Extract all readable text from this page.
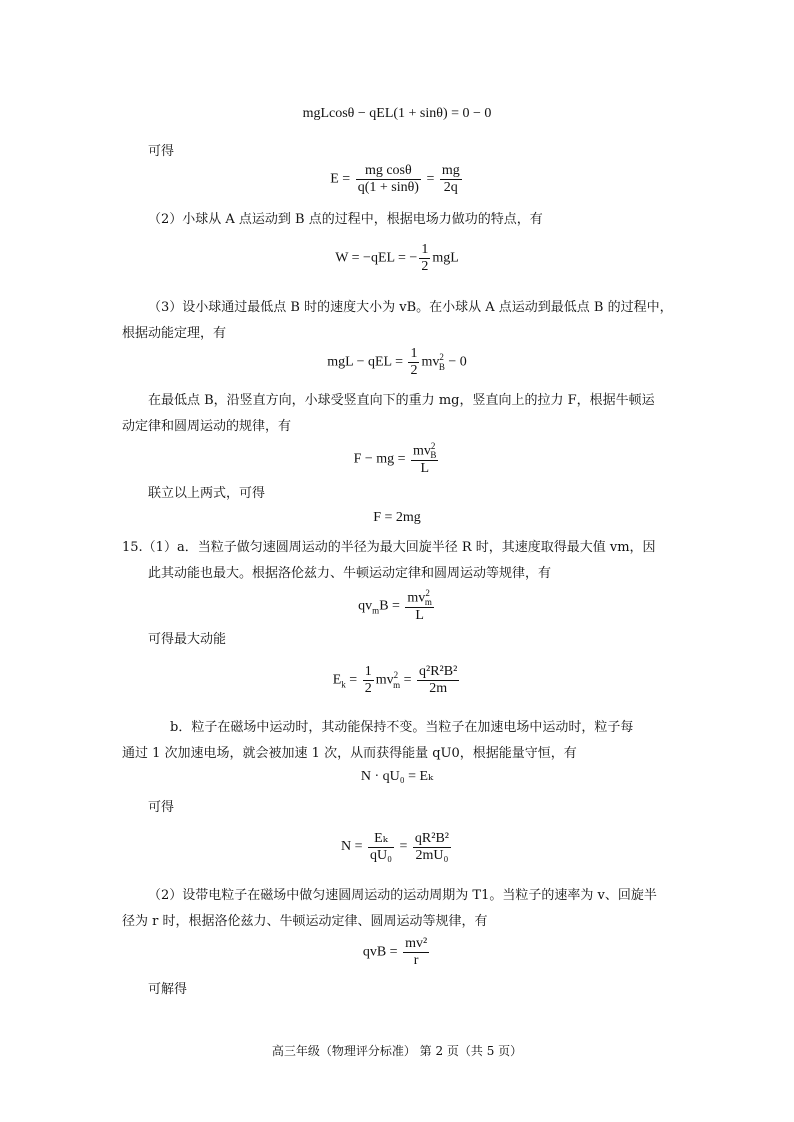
mgLcosθ − qEL(1 + sinθ) = 0 − 0
可得
$E = \frac{\text{mg cosθ}}{q(1 + \sin\theta)} = \frac{mg}{2q}$
（2）小球从 A 点运动到 B 点的过程中，根据电场力做功的特点，有
W = −qEL = − $\frac{1}{2}$ mgL
（3）设小球通过最低点 B 时的速度大小为 vB。在小球从 A 点运动到最低点 B 的过程中，
根据动能定理，有
mgL − qEL = $\frac{1}{2} mv^2_B - 0$
在最低点 B，沿竖直方向，小球受竖直向下的重力 mg，竖直向上的拉力 F，根据牛顿运
动定律和圆周运动的规律，有
F − mg = $\frac{mv^2_B}{L}$
联立以上两式，可得
F = 2mg
15.（1）a．当粒子做匀速圆周运动的半径为最大回旋半径 R 时，其速度取得最大值 vm，因
此其动能也最大。根据洛伦兹力、牛顿运动定律和圆周运动等规律，有
$qv_mB = \frac{mv^2_m}{L}$
可得最大动能
$E_k = \frac{1}{2} mv^2_m = \frac{\text{q²R²B²}}{2m}$
b．粒子在磁场中运动时，其动能保持不变。当粒子在加速电场中运动时，粒子每
通过 1 次加速电场，就会被加速 1 次，从而获得能量 qU0，根据能量守恒，有
N · qU₀ = Eₖ
可得
$N = \frac{\text{Eₖ}}{\text{qU₀}} = \frac{\text{qR²B²}}{\text{2mU₀}}$
（2）设带电粒子在磁场中做匀速圆周运动的运动周期为 T1。当粒子的速率为 v、回旋半
径为 r 时，根据洛伦兹力、牛顿运动定律、圆周运动等规律，有
qvB = $\frac{\text{mv²}}{r}$
可解得
高三年级（物理评分标准） 第 2 页（共 5 页）
